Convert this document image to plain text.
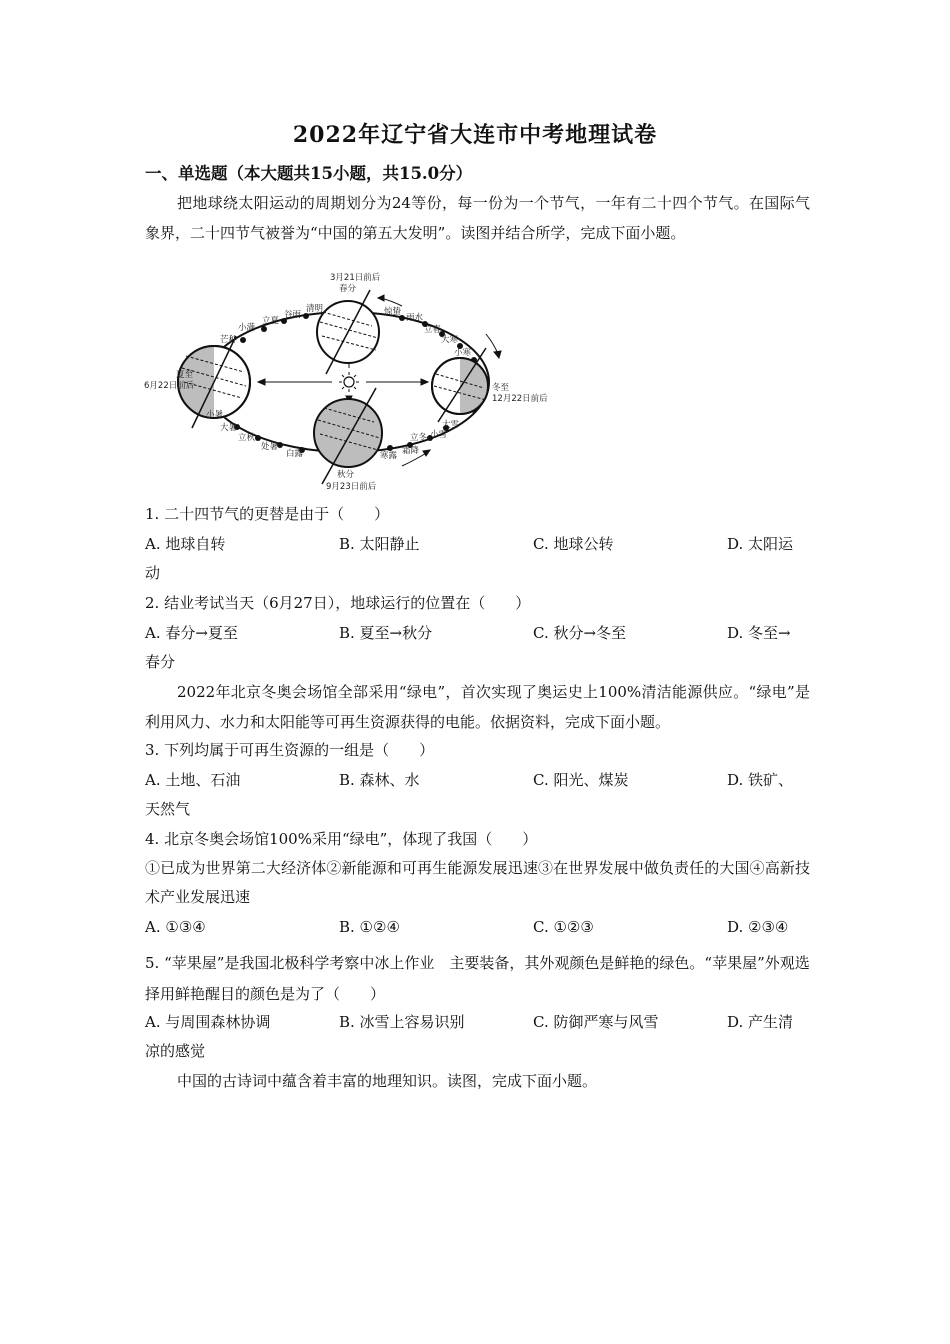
2022年辽宁省大连市中考地理试卷
一、单选题（本大题共15小题，共15.0分）
把地球绕太阳运动的周期划分为24等份，每一份为一个节气，一年有二十四个节气。在国际气象界，二十四节气被誉为“中国的第五大发明”。读图并结合所学，完成下面小题。
3月21日前后
春分
夏至
6月22日前后
秋分
9月23日前后
冬至
12月22日前后
惊蛰
雨水
立春
大寒
小寒
清明
谷雨
立夏
小满
芒种
小暑
大暑
立秋
处暑
白露	寒露 霜降
立冬 小雪
大雪
1. 二十四节气的更替是由于（　　）
A. 地球自转	B. 太阳静止	C. 地球公转	D. 太阳运
动
2. 结业考试当天（6月27日），地球运行的位置在（　　）
A. 春分→夏至	B. 夏至→秋分	C. 秋分→冬至	D. 冬至→
春分
2022年北京冬奥会场馆全部采用“绿电”，首次实现了奥运史上100%清洁能源供应。“绿电”是利用风力、水力和太阳能等可再生资源获得的电能。依据资料，完成下面小题。
3. 下列均属于可再生资源的一组是（　　）
A. 土地、石油	B. 森林、水	C. 阳光、煤炭	D. 铁矿、
天然气
4. 北京冬奥会场馆100%采用“绿电”，体现了我国（　　）
①已成为世界第二大经济体②新能源和可再生能源发展迅速③在世界发展中做负责任的大国④高新技术产业发展迅速
A. ①③④	B. ①②④	C. ①②③	D. ②③④
5. “苹果屋”是我国北极科学考察中冰上作业　主要装备，其外观颜色是鲜艳的绿色。“苹果屋”外观选择用鲜艳醒目的颜色是为了（　　）
A. 与周围森林协调	B. 冰雪上容易识别	C. 防御严寒与风雪	D. 产生清
凉的感觉
中国的古诗词中蕴含着丰富的地理知识。读图，完成下面小题。
